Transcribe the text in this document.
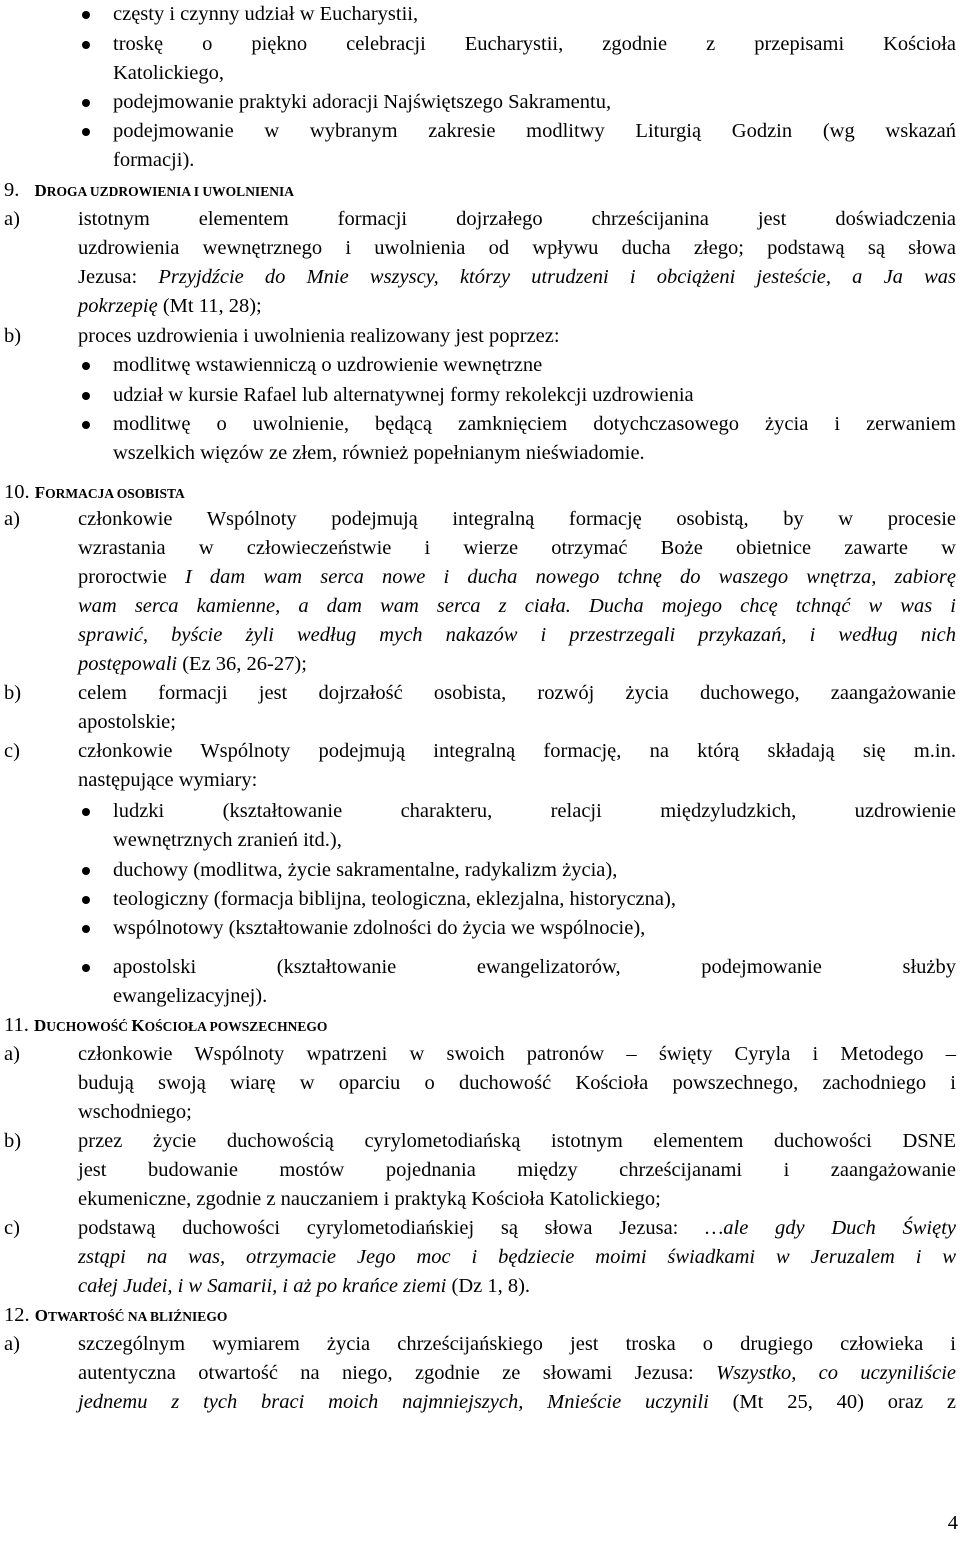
częsty i czynny udział w Eucharystii,
troskę o piękno celebracji Eucharystii, zgodnie z przepisami Kościoła
Katolickiego,
podejmowanie praktyki adoracji Najświętszego Sakramentu,
podejmowanie w wybranym zakresie modlitwy Liturgią Godzin (wg wskazań
formacji).
9. DROGA UZDROWIENIA I UWOLNIENIA
a)	istotnym elementem formacji dojrzałego chrześcijanina jest doświadczenia
uzdrowienia wewnętrznego i uwolnienia od wpływu ducha złego; podstawą są słowa
Jezusa: Przyjdźcie do Mnie wszyscy, którzy utrudzeni i obciążeni jesteście, a Ja was
pokrzepię (Mt 11, 28);
b)	proces uzdrowienia i uwolnienia realizowany jest poprzez:
modlitwę wstawienniczą o uzdrowienie wewnętrzne
udział w kursie Rafael lub alternatywnej formy rekolekcji uzdrowienia
modlitwę o uwolnienie, będącą zamknięciem dotychczasowego życia i zerwaniem
wszelkich więzów ze złem, również popełnianym nieświadomie.
10. FORMACJA OSOBISTA
a)	członkowie Wspólnoty podejmują integralną formację osobistą, by w procesie
wzrastania w człowieczeństwie i wierze otrzymać Boże obietnice zawarte w
proroctwie I dam wam serca nowe i ducha nowego tchnę do waszego wnętrza, zabiorę
wam serca kamienne, a dam wam serca z ciała. Ducha mojego chcę tchnąć w was i
sprawić, byście żyli według mych nakazów i przestrzegali przykazań, i według nich
postępowali (Ez 36, 26-27);
b)	celem formacji jest dojrzałość osobista, rozwój życia duchowego, zaangażowanie
apostolskie;
c)	członkowie Wspólnoty podejmują integralną formację, na którą składają się m.in.
następujące wymiary:
ludzki (kształtowanie charakteru, relacji międzyludzkich, uzdrowienie
wewnętrznych zranień itd.),
duchowy (modlitwa, życie sakramentalne, radykalizm życia),
teologiczny (formacja biblijna, teologiczna, eklezjalna, historyczna),
wspólnotowy (kształtowanie zdolności do życia we wspólnocie),
apostolski (kształtowanie ewangelizatorów, podejmowanie służby
ewangelizacyjnej).
11. DUCHOWOŚĆ KOŚCIOŁA POWSZECHNEGO
a)	członkowie Wspólnoty wpatrzeni w swoich patronów – święty Cyryla i Metodego –
budują swoją wiarę w oparciu o duchowość Kościoła powszechnego, zachodniego i
wschodniego;
b)	przez życie duchowością cyrylometodiańską istotnym elementem duchowości DSNE
jest budowanie mostów pojednania między chrześcijanami i zaangażowanie
ekumeniczne, zgodnie z nauczaniem i praktyką Kościoła Katolickiego;
c)	podstawą duchowości cyrylometodiańskiej są słowa Jezusa: …ale gdy Duch Święty
zstąpi na was, otrzymacie Jego moc i będziecie moimi świadkami w Jeruzalem i w
całej Judei, i w Samarii, i aż po krańce ziemi (Dz 1, 8).
12. OTWARTOŚĆ NA BLIŹNIEGO
a)	szczególnym wymiarem życia chrześcijańskiego jest troska o drugiego człowieka i
autentyczna otwartość na niego, zgodnie ze słowami Jezusa: Wszystko, co uczyniliście
jednemu z tych braci moich najmniejszych, Mnieście uczynili (Mt 25, 40) oraz z
4
